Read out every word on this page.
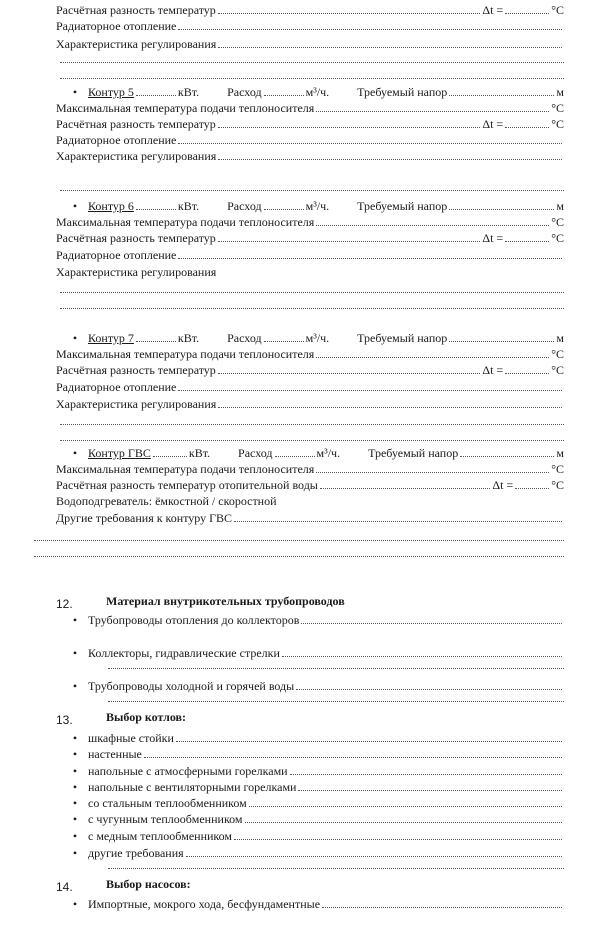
Расчётная разность температур	Δt =	°С
Радиаторное отопление
Характеристика регулирования
• Контур 5	кВт. Расход	м³/ч. Требуемый напор	м
Максимальная температура подачи теплоносителя	°С
Расчётная разность температур	Δt =	°С
Радиаторное отопление
Характеристика регулирования
• Контур 6	кВт. Расход	м³/ч. Требуемый напор	м
Максимальная температура подачи теплоносителя	°С
Расчётная разность температур	Δt =	°С
Радиаторное отопление
Характеристика регулирования
• Контур 7	кВт. Расход	м³/ч. Требуемый напор	м
Максимальная температура подачи теплоносителя	°С
Расчётная разность температур	Δt =	°С
Радиаторное отопление
Характеристика регулирования
• Контур ГВС	кВт. Расход	м³/ч. Требуемый напор	м
Максимальная температура подачи теплоносителя	°С
Расчётная разность температур отопительной воды	Δt =	°С
Водоподгреватель: ёмкостной / скоростной
Другие требования к контуру ГВС
12.	Материал внутрикотельных трубопроводов
• Трубопроводы отопления до коллекторов
• Коллекторы, гидравлические стрелки
• Трубопроводы холодной и горячей воды
13.	Выбор котлов:
• шкафные стойки
• настенные
• напольные с атмосферными горелками
• напольные с вентиляторными горелками
• со стальным теплообменником
• с чугунным теплообменником
• с медным теплообменником
• другие требования
14.	Выбор насосов:
• Импортные, мокрого хода, бесфундаментные
